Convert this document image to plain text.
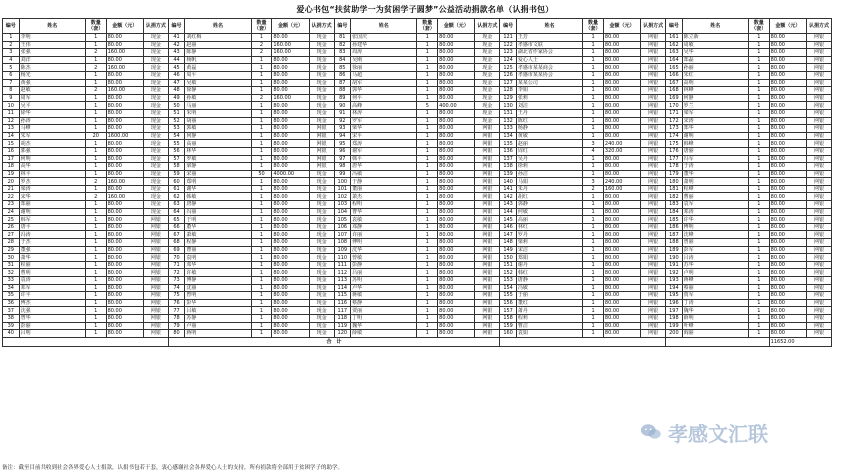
爱心书包“扶贫助学一为贫困学子圆梦”公益活动捐款名单（认捐书包）
编号	姓名	数量（套）	金额（元）	认捐方式	编号	姓名	数量（套）	金额（元）	认捐方式	编号	姓名	数量（套）	金额（元）	认捐方式	编号	姓名	数量（套）	金额（元）	认捐方式	编号	姓名	数量（套）	金额（元）	认捐方式
1	李明	1	80.00	现金	41	刘红梅	1	80.00	现金	81	张国庆	1	80.00	现金	121	王芳	1	80.00	网银	161	陈立新	1	80.00	网银
2	王伟	1	80.00	现金	42	赵丽	2	160.00	现金	82	孙建华	1	80.00	现金	122	孝感市文联	1	80.00	网银	162	周敏	1	80.00	网银
3	张强	2	160.00	现金	43	陈静	2	160.00	现金	83	周涛	1	80.00	现金	123	湖北省作家协会	1	80.00	网银	163	吴华	1	80.00	网银
4	刘洋	1	80.00	现金	44	杨帆	1	80.00	现金	84	吴刚	1	80.00	现金	124	爱心人士	1	80.00	网银	164	郑磊	1	80.00	网银
5	陈杰	2	160.00	现金	45	黄磊	1	80.00	现金	85	徐丽	1	80.00	现金	125	孝感市某某商会	1	80.00	网银	165	孙丽	1	80.00	网银
6	杨光	1	80.00	现金	46	周平	1	80.00	现金	86	马超	1	80.00	现金	126	孝感市某某协会	1	80.00	网银	166	朱红	1	80.00	网银
7	黄强	1	80.00	现金	47	吴敏	1	80.00	现金	87	胡军	1	80.00	现金	127	某某公司	1	80.00	网银	167	高明	1	80.00	网银
8	赵敏	2	160.00	现金	48	徐静	1	80.00	现金	88	郭华	1	80.00	现金	128	李娟	1	80.00	网银	168	林峰	1	80.00	网银
9	周军	1	80.00	现金	49	孙敏	2	160.00	现金	89	何平	1	80.00	现金	129	张莉	1	80.00	网银	169	何静	1	80.00	网银
10	吴平	1	80.00	现金	50	马丽	1	80.00	现金	90	高峰	5	400.00	现金	130	刘洁	1	80.00	网银	170	罗兰	1	80.00	网银
11	徐华	1	80.00	现金	51	朱明	1	80.00	现金	91	林涛	1	80.00	现金	131	王丹	1	80.00	网银	171	梁军	1	80.00	网银
12	孙涛	1	80.00	现金	52	胡丽	1	80.00	现金	92	罗军	1	80.00	现金	132	陈红	1	80.00	网银	172	宋涛	1	80.00	网银
13	马峰	1	80.00	现金	53	郭敏	1	80.00	网银	93	梁华	1	80.00	网银	133	杨静	1	80.00	网银	173	郑华	1	80.00	网银
14	朱军	20	1600.00	现金	54	何静	1	80.00	网银	94	宋平	1	80.00	网银	134	黄敏	1	80.00	网银	174	谢明	1	80.00	网银
15	胡杰	1	80.00	现金	55	高丽	1	80.00	网银	95	郑涛	1	80.00	网银	135	赵丽	3	240.00	网银	175	韩峰	1	80.00	网银
16	郭强	1	80.00	现金	56	林华	1	80.00	网银	96	谢军	1	80.00	网银	136	周红	4	320.00	网银	176	唐丽	1	80.00	网银
17	何明	1	80.00	现金	57	罗敏	1	80.00	网银	97	韩平	1	80.00	网银	137	吴丹	1	80.00	网银	177	冯军	1	80.00	网银
18	高华	1	80.00	现金	58	梁静	1	80.00	网银	98	唐华	1	80.00	网银	138	徐莉	1	80.00	网银	178	于涛	1	80.00	网银
19	林平	1	80.00	现金	59	宋丽	50	4000.00	现金	99	冯敏	1	80.00	网银	139	孙洁	1	80.00	网银	179	董华	1	80.00	网银
20	罗杰	2	160.00	现金	60	郑明	1	80.00	现金	100	于静	1	80.00	网银	140	马娟	3	240.00	网银	180	萧明	1	80.00	网银
21	梁涛	1	80.00	现金	61	谢华	1	80.00	现金	101	董丽	1	80.00	网银	141	朱丹	2	160.00	网银	181	程峰	1	80.00	网银
22	宋华	2	160.00	现金	62	韩敏	1	80.00	现金	102	萧杰	1	80.00	网银	142	胡红	1	80.00	网银	182	曹丽	1	80.00	网银
23	郑丽	1	80.00	现金	63	唐静	1	80.00	现金	103	程明	1	80.00	网银	143	郭静	1	80.00	网银	183	袁军	1	80.00	网银
24	谢明	1	80.00	现金	64	冯丽	1	80.00	现金	104	曹华	1	80.00	网银	144	何敏	1	80.00	网银	184	邓涛	1	80.00	网银
25	韩军	1	80.00	网银	65	于明	1	80.00	现金	105	袁敏	1	80.00	网银	145	高丽	1	80.00	网银	185	许华	1	80.00	网银
26	唐平	1	80.00	网银	66	董华	1	80.00	现金	106	邓静	1	80.00	网银	146	林红	1	80.00	网银	186	傅明	1	80.00	网银
27	冯涛	1	80.00	网银	67	萧敏	1	80.00	现金	107	许丽	1	80.00	网银	147	罗丹	1	80.00	网银	187	沈峰	1	80.00	网银
28	于杰	1	80.00	网银	68	程静	1	80.00	现金	108	傅明	1	80.00	网银	148	梁莉	1	80.00	网银	188	曾丽	1	80.00	网银
29	董强	1	80.00	网银	69	曹丽	1	80.00	现金	109	沈华	1	80.00	网银	149	宋洁	1	80.00	网银	189	彭军	1	80.00	网银
30	萧华	1	80.00	网银	70	袁明	1	80.00	现金	110	曾敏	1	80.00	网银	150	郑娟	1	80.00	网银	190	吕涛	1	80.00	网银
31	程丽	1	80.00	网银	71	邓华	1	80.00	现金	111	彭静	1	80.00	网银	151	谢丹	1	80.00	网银	191	苏华	1	80.00	网银
32	曹明	1	80.00	网银	72	许敏	1	80.00	现金	112	吕丽	1	80.00	网银	152	韩红	1	80.00	网银	192	卢明	1	80.00	网银
33	袁涛	1	80.00	网银	73	傅静	1	80.00	现金	113	苏明	1	80.00	网银	153	唐静	1	80.00	网银	193	蒋峰	1	80.00	网银
34	邓军	1	80.00	网银	74	沈丽	1	80.00	现金	114	卢华	1	80.00	网银	154	冯敏	1	80.00	网银	194	蔡丽	1	80.00	网银
35	许平	1	80.00	网银	75	曾明	1	80.00	现金	115	蒋敏	1	80.00	网银	155	于丽	1	80.00	网银	195	贾军	1	80.00	网银
36	傅杰	1	80.00	网银	76	彭华	1	80.00	现金	116	蔡静	1	80.00	网银	156	董红	1	80.00	网银	196	丁涛	1	80.00	网银
37	沈强	1	80.00	网银	77	吕敏	1	80.00	现金	117	贾丽	1	80.00	网银	157	萧丹	1	80.00	网银	197	魏华	1	80.00	网银
38	曾华	1	80.00	网银	78	苏静	1	80.00	现金	118	丁明	1	80.00	网银	158	程莉	1	80.00	网银	198	薛明	1	80.00	网银
39	彭丽	1	80.00	网银	79	卢丽	1	80.00	现金	119	魏华	1	80.00	网银	159	曹洁	1	80.00	网银	199	叶峰	1	80.00	网银
40	吕明	1	80.00	网银	80	蒋明	1	80.00	现金	120	薛敏	1	80.00	网银	160	袁娟	1	80.00	网银	200	阎丽	1	80.00	网银
					合　计																		11652.00	
备注：截至目前共收到社会各界爱心人士捐款，认捐书包若干套，衷心感谢社会各界爱心人士的支持，所有捐款将全部用于贫困学子的助学。
孝感文汇联
